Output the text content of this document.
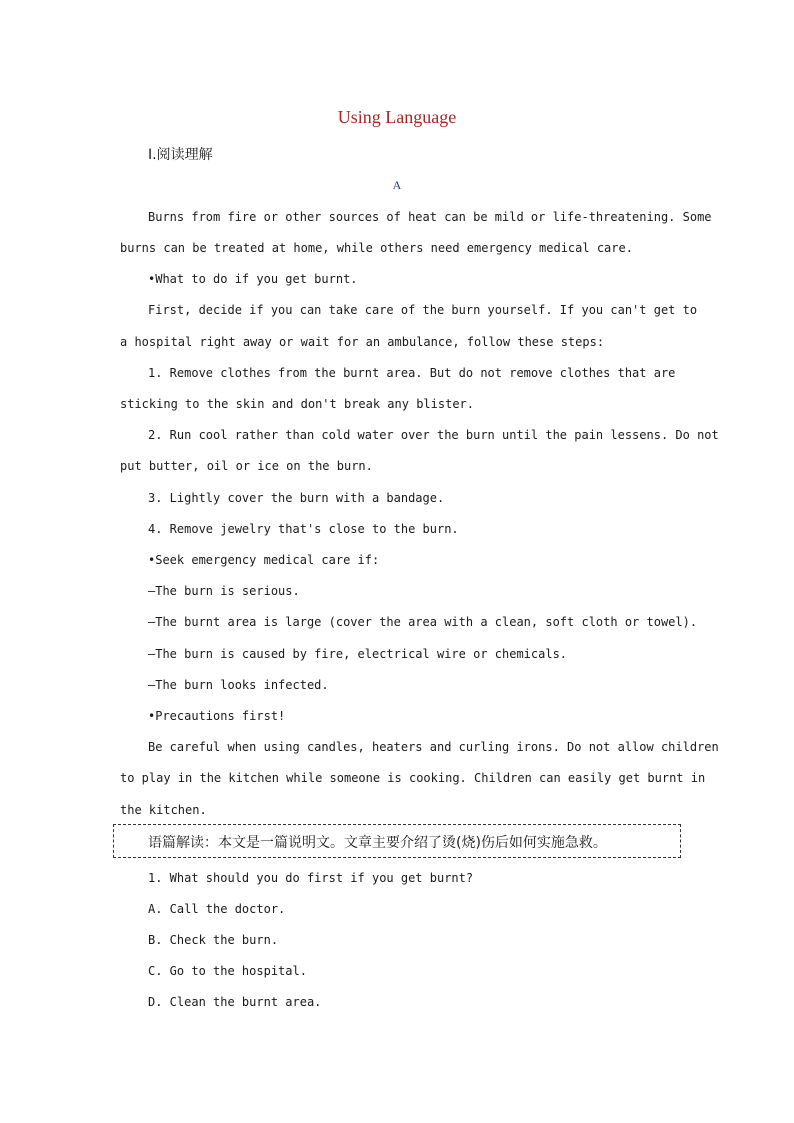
Using Language
Ⅰ.阅读理解
A
Burns from fire or other sources of heat can be mild or life-threatening. Some
burns can be treated at home, while others need emergency medical care.
•What to do if you get burnt.
First, decide if you can take care of the burn yourself. If you can't get to
a hospital right away or wait for an ambulance, follow these steps:
1. Remove clothes from the burnt area. But do not remove clothes that are
sticking to the skin and don't break any blister.
2. Run cool rather than cold water over the burn until the pain lessens. Do not
put butter, oil or ice on the burn.
3. Lightly cover the burn with a bandage.
4. Remove jewelry that's close to the burn.
•Seek emergency medical care if:
—The burn is serious.
—The burnt area is large (cover the area with a clean, soft cloth or towel).
—The burn is caused by fire, electrical wire or chemicals.
—The burn looks infected.
•Precautions first!
Be careful when using candles, heaters and curling irons. Do not allow children
to play in the kitchen while someone is cooking. Children can easily get burnt in
the kitchen.
语篇解读：本文是一篇说明文。文章主要介绍了烫(烧)伤后如何实施急救。
1. What should you do first if you get burnt?
A. Call the doctor.
B. Check the burn.
C. Go to the hospital.
D. Clean the burnt area.
